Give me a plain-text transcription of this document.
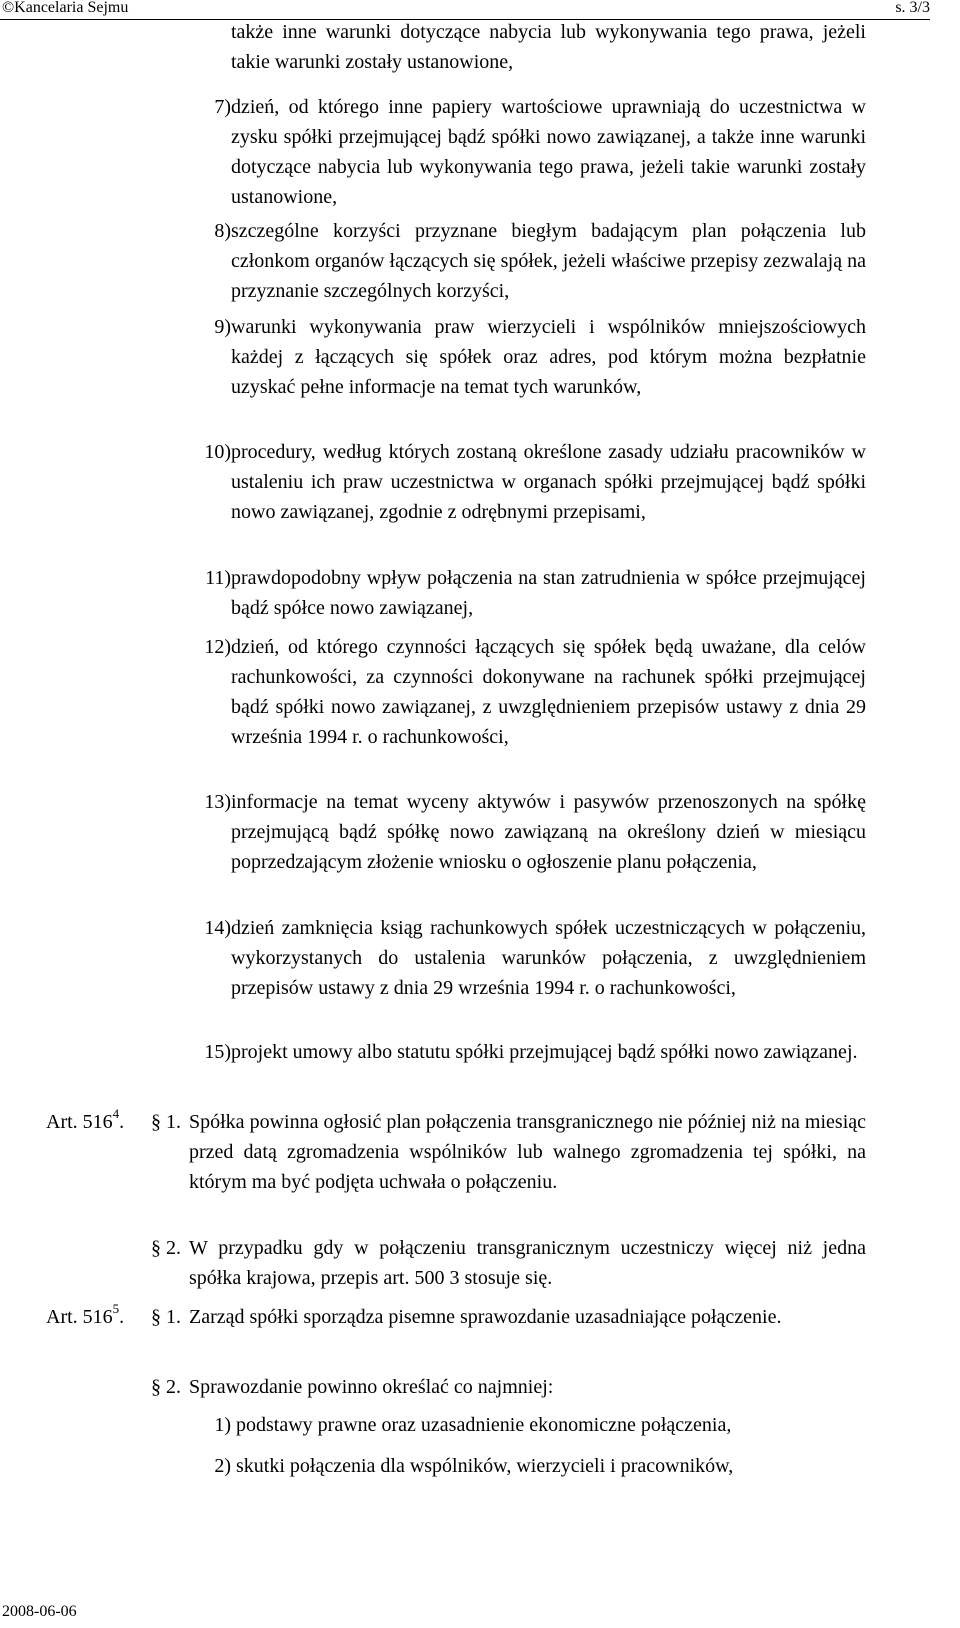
©Kancelaria Sejmu	s. 3/3
także inne warunki dotyczące nabycia lub wykonywania tego prawa, jeżeli takie warunki zostały ustanowione,
7) dzień, od którego inne papiery wartościowe uprawniają do uczestnictwa w zysku spółki przejmującej bądź spółki nowo zawiązanej, a także inne warunki dotyczące nabycia lub wykonywania tego prawa, jeżeli takie warunki zostały ustanowione,
8) szczególne korzyści przyznane biegłym badającym plan połączenia lub członkom organów łączących się spółek, jeżeli właściwe przepisy zezwalają na przyznanie szczególnych korzyści,
9) warunki wykonywania praw wierzycieli i wspólników mniejszościowych każdej z łączących się spółek oraz adres, pod którym można bezpłatnie uzyskać pełne informacje na temat tych warunków,
10) procedury, według których zostaną określone zasady udziału pracowników w ustaleniu ich praw uczestnictwa w organach spółki przejmującej bądź spółki nowo zawiązanej, zgodnie z odrębnymi przepisami,
11) prawdopodobny wpływ połączenia na stan zatrudnienia w spółce przejmującej bądź spółce nowo zawiązanej,
12) dzień, od którego czynności łączących się spółek będą uważane, dla celów rachunkowości, za czynności dokonywane na rachunek spółki przejmującej bądź spółki nowo zawiązanej, z uwzględnieniem przepisów ustawy z dnia 29 września 1994 r. o rachunkowości,
13) informacje na temat wyceny aktywów i pasywów przenoszonych na spółkę przejmującą bądź spółkę nowo zawiązaną na określony dzień w miesiącu poprzedzającym złożenie wniosku o ogłoszenie planu połączenia,
14) dzień zamknięcia ksiąg rachunkowych spółek uczestniczących w połączeniu, wykorzystanych do ustalenia warunków połączenia, z uwzględnieniem przepisów ustawy z dnia 29 września 1994 r. o rachunkowości,
15) projekt umowy albo statutu spółki przejmującej bądź spółki nowo zawiązanej.
Art. $516^4$. § 1. Spółka powinna ogłosić plan połączenia transgranicznego nie później niż na miesiąc przed datą zgromadzenia wspólników lub walnego zgromadzenia tej spółki, na którym ma być podjęta uchwała o połączeniu.
§ 2. W przypadku gdy w połączeniu transgranicznym uczestniczy więcej niż jedna spółka krajowa, przepis art. 500 3 stosuje się.
Art. $516^5$. § 1. Zarząd spółki sporządza pisemne sprawozdanie uzasadniające połączenie.
§ 2. Sprawozdanie powinno określać co najmniej:
1) podstawy prawne oraz uzasadnienie ekonomiczne połączenia,
2) skutki połączenia dla wspólników, wierzycieli i pracowników,
2008-06-06
